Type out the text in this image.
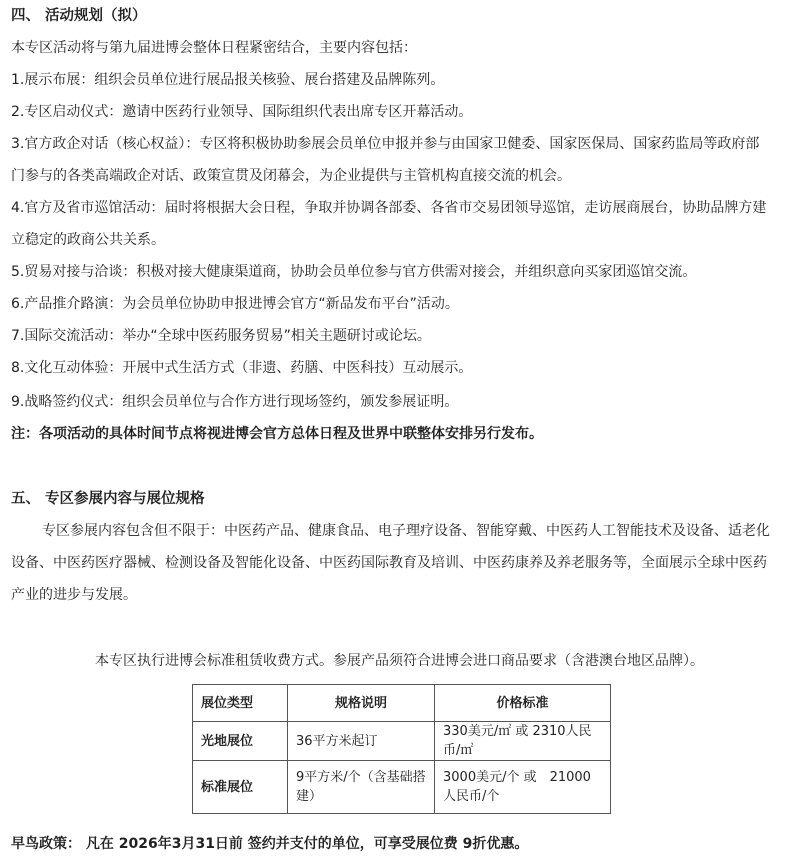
四、 活动规划（拟）
本专区活动将与第九届进博会整体日程紧密结合，主要内容包括：
1.展示布展：组织会员单位进行展品报关核验、展台搭建及品牌陈列。
2.专区启动仪式：邀请中医药行业领导、国际组织代表出席专区开幕活动。
3.官方政企对话（核心权益）：专区将积极协助参展会员单位申报并参与由国家卫健委、国家医保局、国家药监局等政府部
门参与的各类高端政企对话、政策宣贯及闭幕会，为企业提供与主管机构直接交流的机会。
4.官方及省市巡馆活动：届时将根据大会日程，争取并协调各部委、各省市交易团领导巡馆，走访展商展台，协助品牌方建
立稳定的政商公共关系。
5.贸易对接与洽谈：积极对接大健康渠道商，协助会员单位参与官方供需对接会，并组织意向买家团巡馆交流。
6.产品推介路演：为会员单位协助申报进博会官方“新品发布平台”活动。
7.国际交流活动：举办“全球中医药服务贸易”相关主题研讨或论坛。
8.文化互动体验：开展中式生活方式（非遗、药膳、中医科技）互动展示。
9.战略签约仪式：组织会员单位与合作方进行现场签约，颁发参展证明。
注：各项活动的具体时间节点将视进博会官方总体日程及世界中联整体安排另行发布。
五、 专区参展内容与展位规格
专区参展内容包含但不限于：中医药产品、健康食品、电子理疗设备、智能穿戴、中医药人工智能技术及设备、适老化
设备、中医药医疗器械、检测设备及智能化设备、中医药国际教育及培训、中医药康养及养老服务等，全面展示全球中医药
产业的进步与发展。
本专区执行进博会标准租赁收费方式。参展产品须符合进博会进口商品要求（含港澳台地区品牌）。
展位类型	规格说明	价格标准
光地展位	36平方米起订	330美元/㎡ 或 2310人民币/㎡
标准展位	9平方米/个（含基础搭建）	3000美元/个 或　21000人民币/个
早鸟政策： 凡在 2026年3月31日前 签约并支付的单位，可享受展位费 9折优惠。
